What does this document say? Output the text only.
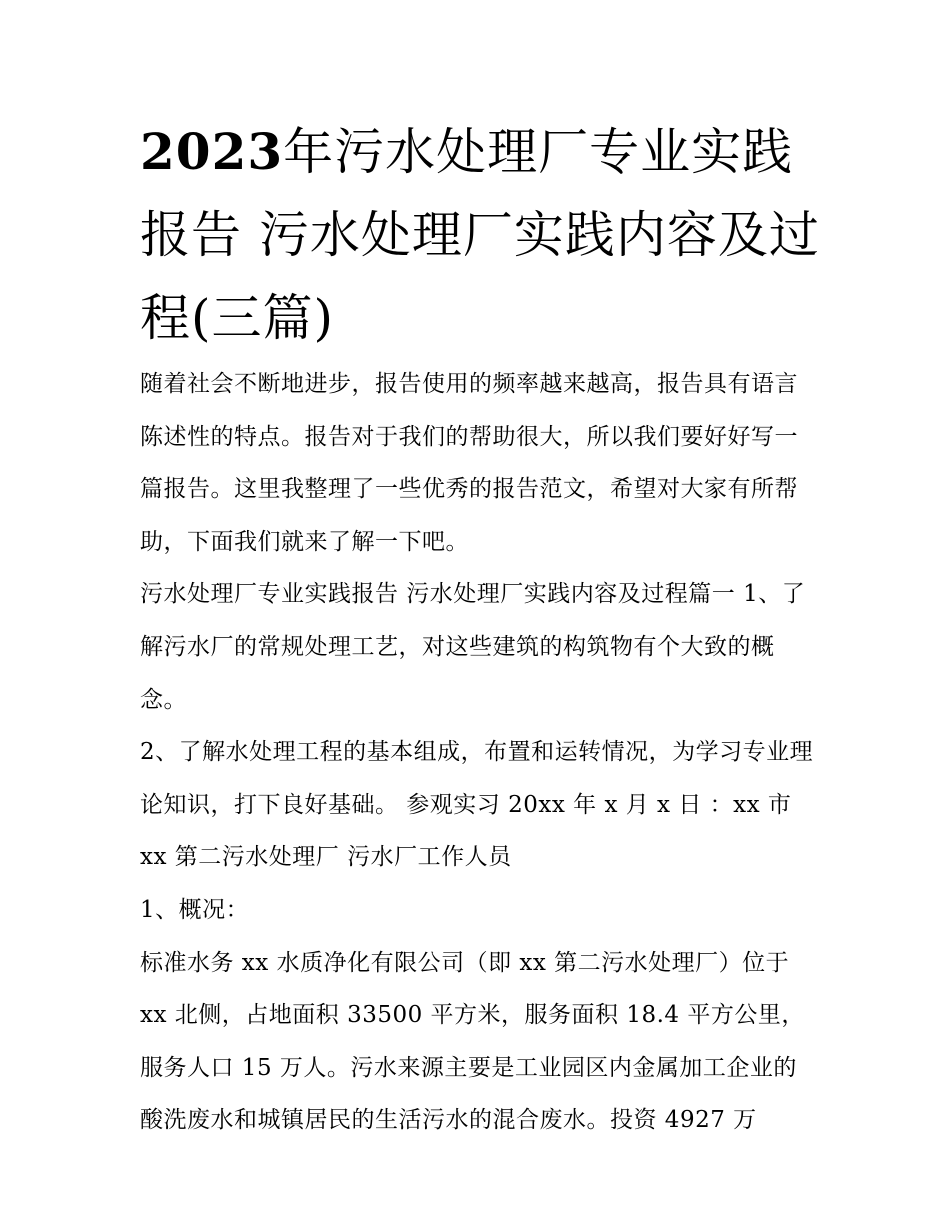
2023年污水处理厂专业实践报告 污水处理厂实践内容及过程(三篇)

随着社会不断地进步，报告使用的频率越来越高，报告具有语言陈述性的特点。报告对于我们的帮助很大，所以我们要好好写一篇报告。这里我整理了一些优秀的报告范文，希望对大家有所帮助，下面我们就来了解一下吧。

污水处理厂专业实践报告 污水处理厂实践内容及过程篇一 1、了解污水厂的常规处理工艺，对这些建筑的构筑物有个大致的概念。

2、了解水处理工程的基本组成，布置和运转情况，为学习专业理论知识，打下良好基础。 参观实习 20xx 年 x 月 x 日 ：xx 市 xx 第二污水处理厂 污水厂工作人员

1、概况：

标准水务 xx 水质净化有限公司（即 xx 第二污水处理厂）位于 xx 北侧，占地面积 33500 平方米，服务面积 18.4 平方公里，服务人口 15 万人。污水来源主要是工业园区内金属加工企业的酸洗废水和城镇居民的生活污水的混合废水。投资 4927 万
